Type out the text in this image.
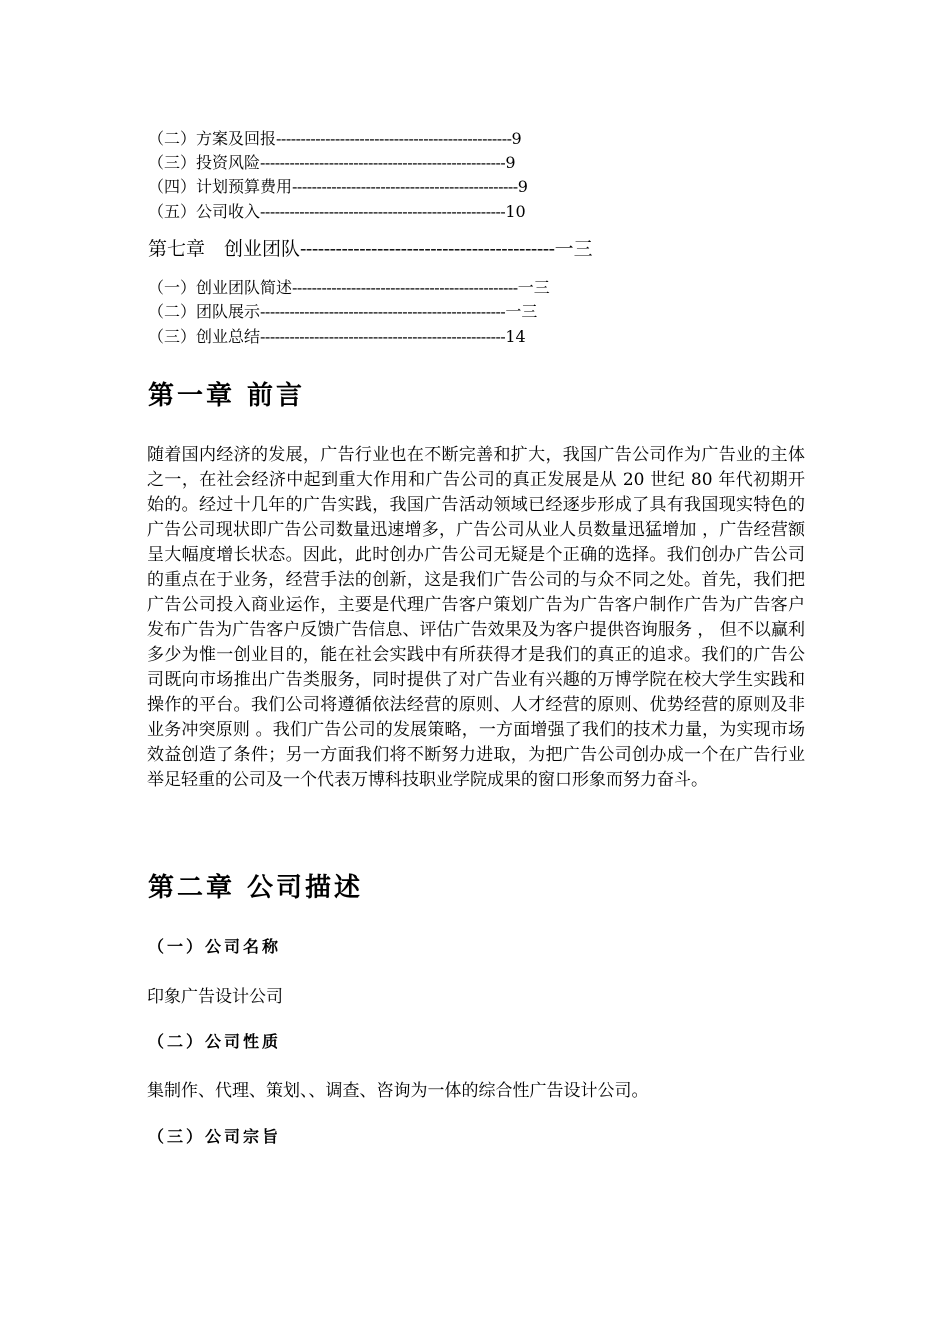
（二）方案及回报------------------------------------------------9
（三）投资风险--------------------------------------------------9
（四）计划预算费用----------------------------------------------9
（五）公司收入--------------------------------------------------10
第七章　创业团队-------------------------------------------一三
（一）创业团队简述----------------------------------------------一三
（二）团队展示--------------------------------------------------一三
（三）创业总结--------------------------------------------------14
第一章 前言
随着国内经济的发展，广告行业也在不断完善和扩大，我国广告公司作为广告业的主体之一，在社会经济中起到重大作用和广告公司的真正发展是从 20 世纪 80 年代初期开始的。经过十几年的广告实践，我国广告活动领域已经逐步形成了具有我国现实特色的广告公司现状即广告公司数量迅速增多，广告公司从业人员数量迅猛增加 ，广告经营额呈大幅度增长状态。因此，此时创办广告公司无疑是个正确的选择。我们创办广告公司的重点在于业务，经营手法的创新，这是我们广告公司的与众不同之处。首先，我们把广告公司投入商业运作，主要是代理广告客户策划广告为广告客户制作广告为广告客户发布广告为广告客户反馈广告信息、评估广告效果及为客户提供咨询服务 ， 但不以赢利多少为惟一创业目的，能在社会实践中有所获得才是我们的真正的追求。我们的广告公司既向市场推出广告类服务，同时提供了对广告业有兴趣的万博学院在校大学生实践和操作的平台。我们公司将遵循依法经营的原则、人才经营的原则、优势经营的原则及非业务冲突原则 。我们广告公司的发展策略，一方面增强了我们的技术力量，为实现市场效益创造了条件；另一方面我们将不断努力进取，为把广告公司创办成一个在广告行业举足轻重的公司及一个代表万博科技职业学院成果的窗口形象而努力奋斗。
第二章 公司描述
（一）公司名称
印象广告设计公司
（二）公司性质
集制作、代理、策划、、调查、咨询为一体的综合性广告设计公司。
（三）公司宗旨
